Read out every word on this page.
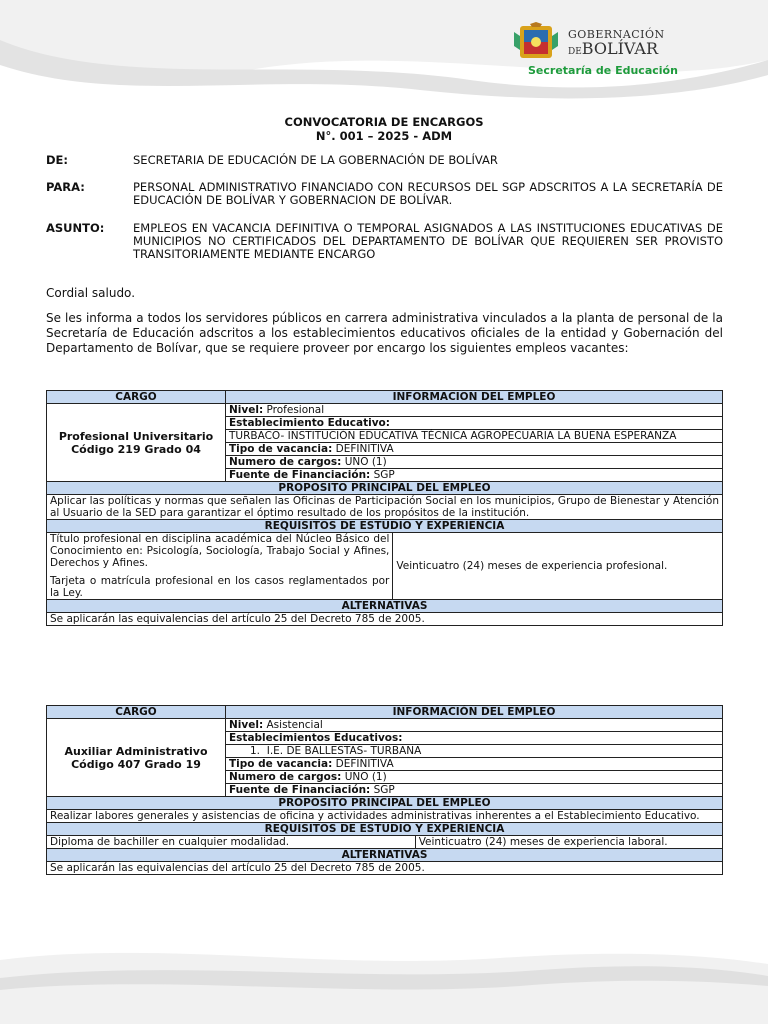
GOBERNACIÓN
DEBOLÍVAR
Secretaría de Educación
CONVOCATORIA DE ENCARGOS
N°. 001 – 2025 - ADM
DE:	SECRETARIA DE EDUCACIÓN DE LA GOBERNACIÓN DE BOLÍVAR
PARA:	PERSONAL ADMINISTRATIVO FINANCIADO CON RECURSOS DEL SGP ADSCRITOS A LA SECRETARÍA DE EDUCACIÓN DE BOLÍVAR Y GOBERNACION DE BOLÍVAR.
ASUNTO: EMPLEOS EN VACANCIA DEFINITIVA O TEMPORAL ASIGNADOS A LAS INSTITUCIONES EDUCATIVAS DE MUNICIPIOS NO CERTIFICADOS DEL DEPARTAMENTO DE BOLÍVAR QUE REQUIEREN SER PROVISTO TRANSITORIAMENTE MEDIANTE ENCARGO
Cordial saludo.
Se les informa a todos los servidores públicos en carrera administrativa vinculados a la planta de personal de la Secretaría de Educación adscritos a los establecimientos educativos oficiales de la entidad y Gobernación del Departamento de Bolívar, que se requiere proveer por encargo los siguientes empleos vacantes:
CARGO	INFORMACION DEL EMPLEO	
Profesional Universitario Código 219 Grado 04	Nivel: Profesional	
	Establecimiento Educativo:	
	TURBACO- INSTITUCIÓN EDUCATIVA TÉCNICA AGROPECUARIA LA BUENA ESPERANZA	
	Tipo de vacancia: DEFINITIVA	
	Numero de cargos: UNO (1)	
	Fuente de Financiación: SGP	
PROPOSITO PRINCIPAL DEL EMPLEO		
Aplicar las políticas y normas que señalen las Oficinas de Participación Social en los municipios, Grupo de Bienestar y Atención al Usuario de la SED para garantizar el óptimo resultado de los propósitos de la institución.		
REQUISITOS DE ESTUDIO Y EXPERIENCIA		

Título profesional en disciplina académica del Núcleo Básico del Conocimiento en: Psicología, Sociología, Trabajo Social y Afines, Derechos y Afines.
Tarjeta o matrícula profesional en los casos reglamentados por la Ley.		Veinticuatro (24) meses de experiencia profesional.
ALTERNATIVAS		
Se aplicarán las equivalencias del artículo 25 del Decreto 785 de 2005.		
CARGO	INFORMACIÓN DEL EMPLEO	
Auxiliar Administrativo Código 407 Grado 19	Nivel: Asistencial	
	Establecimientos Educativos:	
	1. I.E. DE BALLESTAS- TURBANA	
	Tipo de vacancia: DEFINITIVA	
	Numero de cargos: UNO (1)	
	Fuente de Financiación: SGP	
PROPOSITO PRINCIPAL DEL EMPLEO		
Realizar labores generales y asistencias de oficina y actividades administrativas inherentes a el Establecimiento Educativo.		
REQUISITOS DE ESTUDIO Y EXPERIENCIA		
Diploma de bachiller en cualquier modalidad.		Veinticuatro (24) meses de experiencia laboral.
ALTERNATIVAS		
Se aplicarán las equivalencias del artículo 25 del Decreto 785 de 2005.		
